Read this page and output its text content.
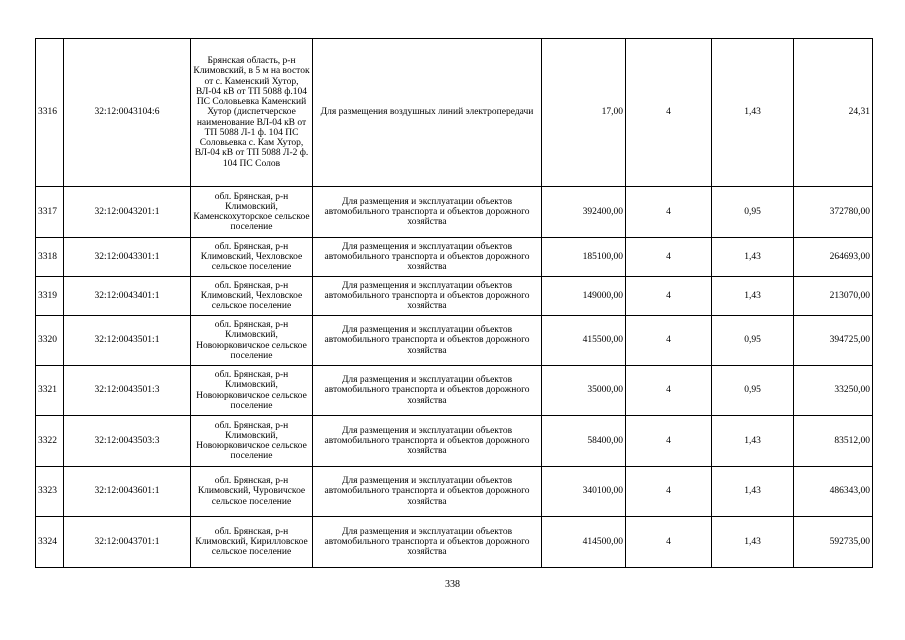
3316	32:12:0043104:6	Брянская область, р-н Климовский, в 5 м на восток от с. Каменский Хутор, ВЛ-04 кВ от ТП 5088 ф.104 ПС Соловьевка Каменский Хутор (диспетчерское наименование ВЛ-04 кВ от ТП 5088 Л-1 ф. 104 ПС Соловьевка с. Кам Хутор, ВЛ-04 кВ от ТП 5088 Л-2 ф. 104 ПС Солов	Для размещения воздушных линий электропередачи	17,00	4	1,43	24,31
3317	32:12:0043201:1	обл. Брянская, р-н Климовский, Каменскохуторское сельское поселение	Для размещения и эксплуатации объектов автомобильного транспорта и объектов дорожного хозяйства	392400,00	4	0,95	372780,00
3318	32:12:0043301:1	обл. Брянская, р-н Климовский, Чехловское сельское поселение	Для размещения и эксплуатации объектов автомобильного транспорта и объектов дорожного хозяйства	185100,00	4	1,43	264693,00
3319	32:12:0043401:1	обл. Брянская, р-н Климовский, Чехловское сельское поселение	Для размещения и эксплуатации объектов автомобильного транспорта и объектов дорожного хозяйства	149000,00	4	1,43	213070,00
3320	32:12:0043501:1	обл. Брянская, р-н Климовский, Новоюрковичское сельское поселение	Для размещения и эксплуатации объектов автомобильного транспорта и объектов дорожного хозяйства	415500,00	4	0,95	394725,00
3321	32:12:0043501:3	обл. Брянская, р-н Климовский, Новоюрковичское сельское поселение	Для размещения и эксплуатации объектов автомобильного транспорта и объектов дорожного хозяйства	35000,00	4	0,95	33250,00
3322	32:12:0043503:3	обл. Брянская, р-н Климовский, Новоюрковичское сельское поселение	Для размещения и эксплуатации объектов автомобильного транспорта и объектов дорожного хозяйства	58400,00	4	1,43	83512,00
3323	32:12:0043601:1	обл. Брянская, р-н Климовский, Чуровичское сельское поселение	Для размещения и эксплуатации объектов автомобильного транспорта и объектов дорожного хозяйства	340100,00	4	1,43	486343,00
3324	32:12:0043701:1	обл. Брянская, р-н Климовский, Кирилловское сельское поселение	Для размещения и эксплуатации объектов автомобильного транспорта и объектов дорожного хозяйства	414500,00	4	1,43	592735,00
338
